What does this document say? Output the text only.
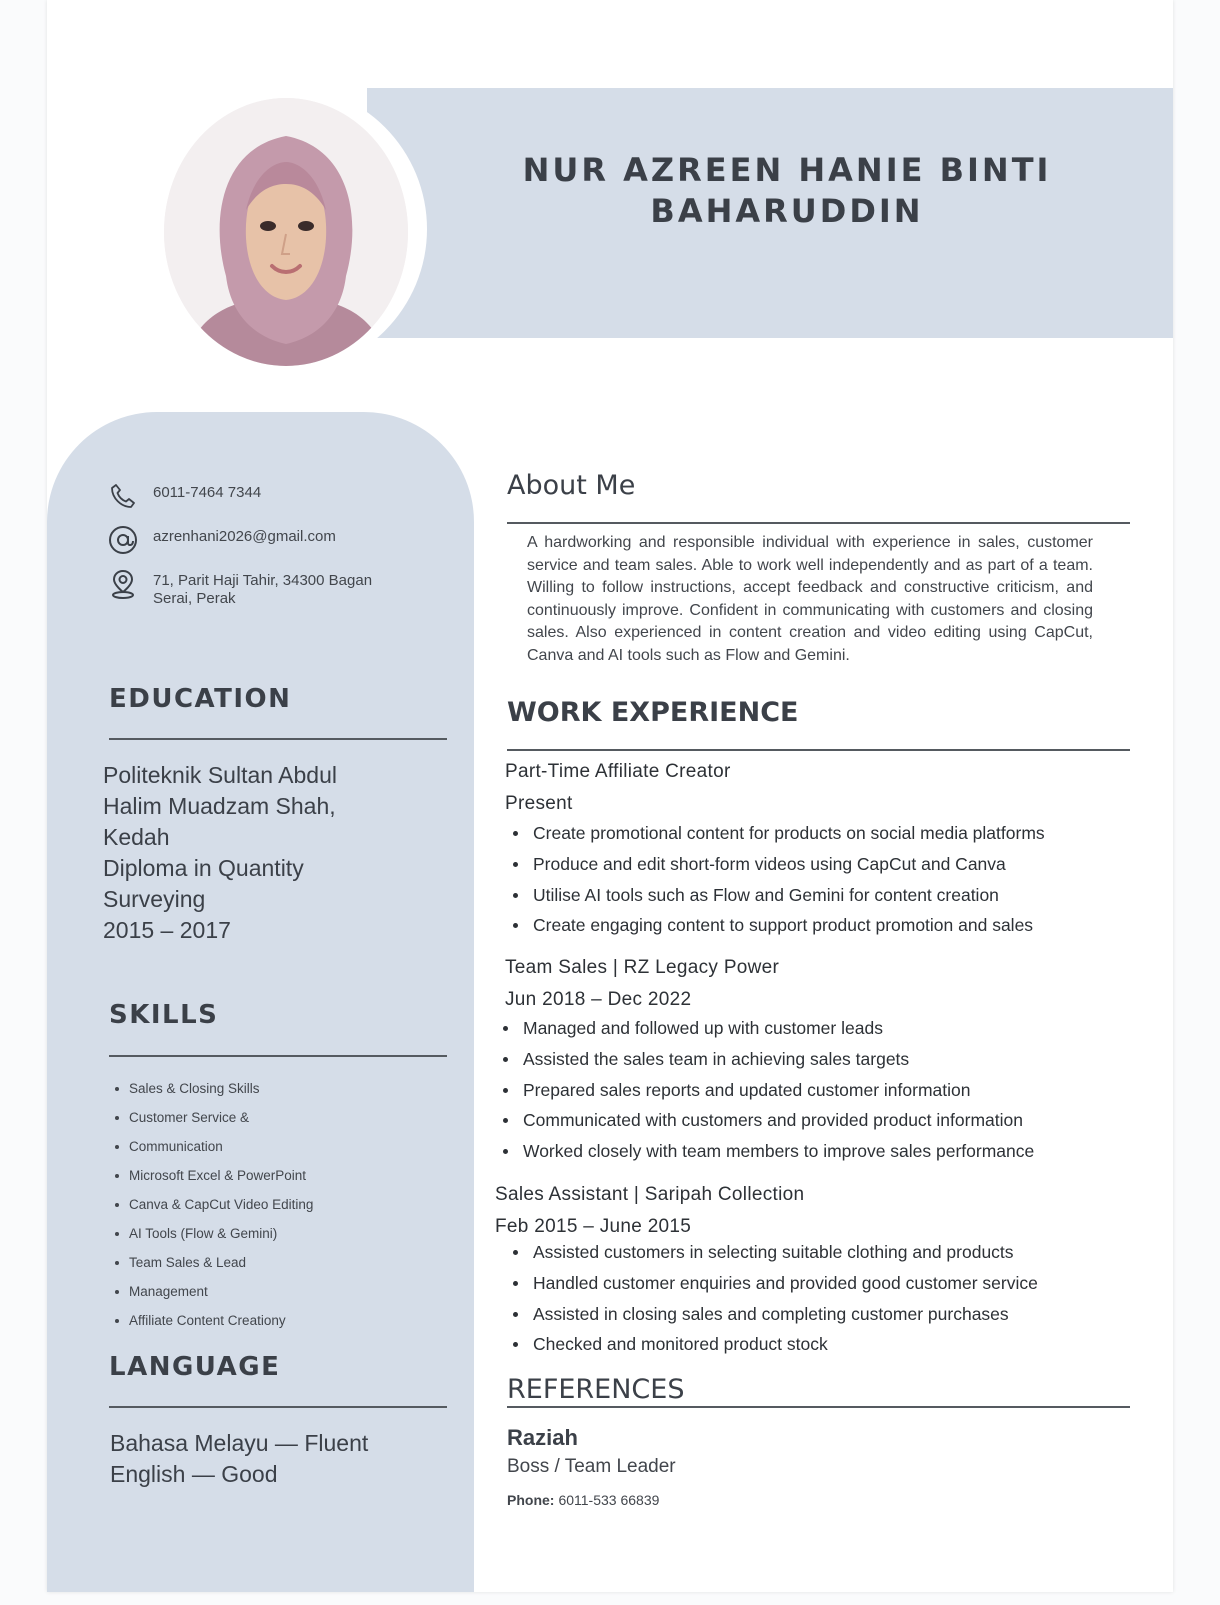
NUR AZREEN HANIE BINTI BAHARUDDIN
6011-7464 7344
azrenhani2026@gmail.com
71, Parit Haji Tahir, 34300 Bagan Serai, Perak
EDUCATION
Politeknik Sultan Abdul
Halim Muadzam Shah,
Kedah
Diploma in Quantity
Surveying
2015 – 2017
SKILLS
Sales & Closing Skills
Customer Service &
Communication
Microsoft Excel & PowerPoint
Canva & CapCut Video Editing
AI Tools (Flow & Gemini)
Team Sales & Lead
Management
Affiliate Content Creationy
LANGUAGE
Bahasa Melayu — Fluent
English — Good
About Me
A hardworking and responsible individual with experience in sales, customer service and team sales. Able to work well independently and as part of a team. Willing to follow instructions, accept feedback and constructive criticism, and continuously improve. Confident in communicating with customers and closing sales. Also experienced in content creation and video editing using CapCut, Canva and AI tools such as Flow and Gemini.
WORK EXPERIENCE
Part-Time Affiliate Creator
Present
Create promotional content for products on social media platforms
Produce and edit short-form videos using CapCut and Canva
Utilise AI tools such as Flow and Gemini for content creation
Create engaging content to support product promotion and sales
Team Sales | RZ Legacy Power
Jun 2018 – Dec 2022
Managed and followed up with customer leads
Assisted the sales team in achieving sales targets
Prepared sales reports and updated customer information
Communicated with customers and provided product information
Worked closely with team members to improve sales performance
Sales Assistant | Saripah Collection
Feb 2015 – June 2015
Assisted customers in selecting suitable clothing and products
Handled customer enquiries and provided good customer service
Assisted in closing sales and completing customer purchases
Checked and monitored product stock
REFERENCES
Raziah
Boss / Team Leader
Phone: 6011-533 66839
